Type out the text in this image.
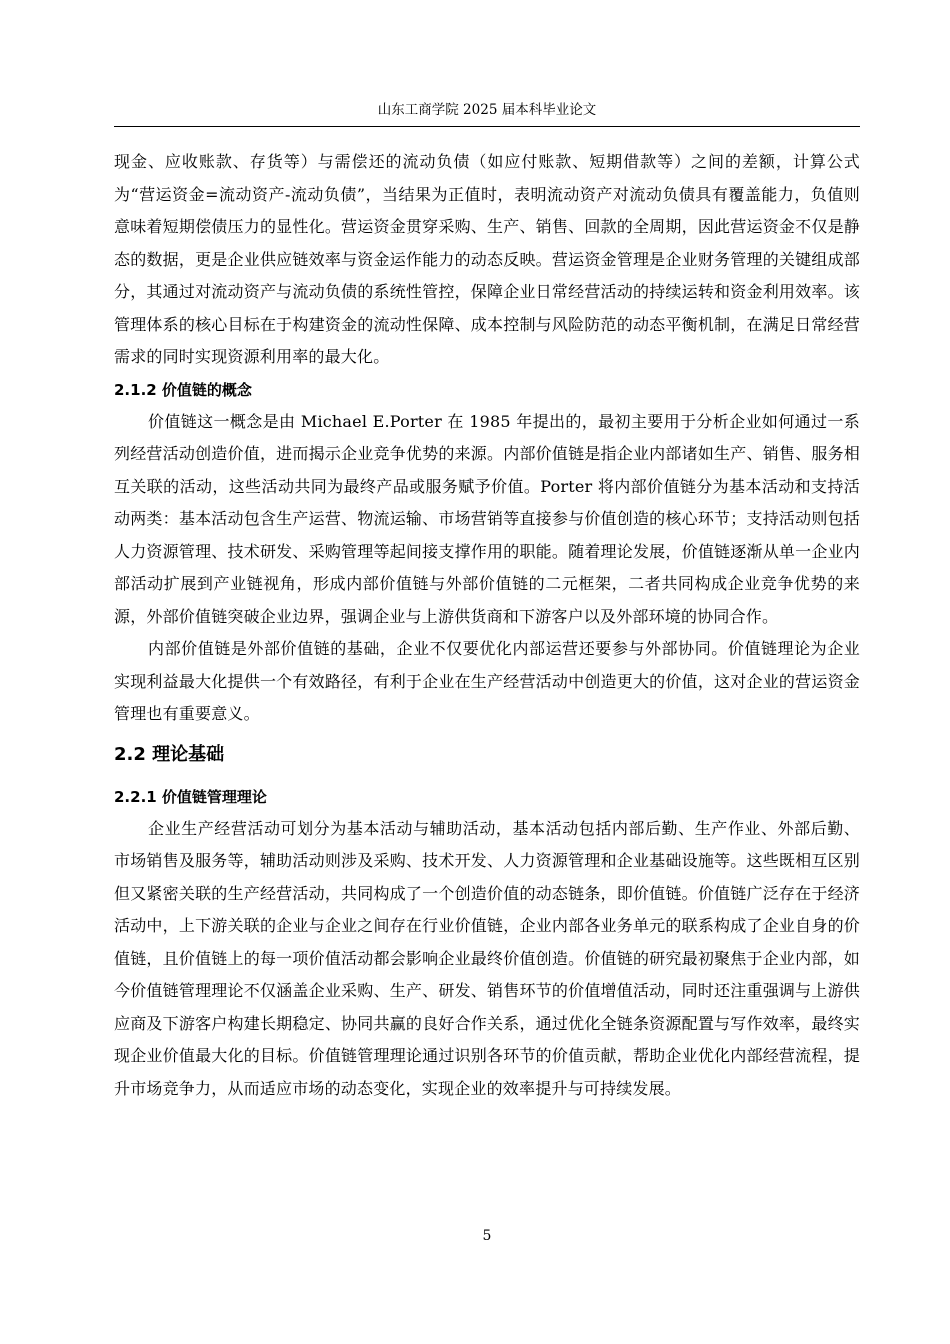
山东工商学院 2025 届本科毕业论文

现金、应收账款、存货等）与需偿还的流动负债（如应付账款、短期借款等）之间的差额，计算公式为“营运资金=流动资产-流动负债”，当结果为正值时，表明流动资产对流动负债具有覆盖能力，负值则意味着短期偿债压力的显性化。营运资金贯穿采购、生产、销售、回款的全周期，因此营运资金不仅是静态的数据，更是企业供应链效率与资金运作能力的动态反映。营运资金管理是企业财务管理的关键组成部分，其通过对流动资产与流动负债的系统性管控，保障企业日常经营活动的持续运转和资金利用效率。该管理体系的核心目标在于构建资金的流动性保障、成本控制与风险防范的动态平衡机制，在满足日常经营需求的同时实现资源利用率的最大化。

2.1.2 价值链的概念

价值链这一概念是由 Michael E.Porter 在 1985 年提出的，最初主要用于分析企业如何通过一系列经营活动创造价值，进而揭示企业竞争优势的来源。内部价值链是指企业内部诸如生产、销售、服务相互关联的活动，这些活动共同为最终产品或服务赋予价值。Porter 将内部价值链分为基本活动和支持活动两类：基本活动包含生产运营、物流运输、市场营销等直接参与价值创造的核心环节；支持活动则包括人力资源管理、技术研发、采购管理等起间接支撑作用的职能。随着理论发展，价值链逐渐从单一企业内部活动扩展到产业链视角，形成内部价值链与外部价值链的二元框架，二者共同构成企业竞争优势的来源，外部价值链突破企业边界，强调企业与上游供货商和下游客户以及外部环境的协同合作。

内部价值链是外部价值链的基础，企业不仅要优化内部运营还要参与外部协同。价值链理论为企业实现利益最大化提供一个有效路径，有利于企业在生产经营活动中创造更大的价值，这对企业的营运资金管理也有重要意义。

2.2 理论基础
2.2.1 价值链管理理论

企业生产经营活动可划分为基本活动与辅助活动，基本活动包括内部后勤、生产作业、外部后勤、市场销售及服务等，辅助活动则涉及采购、技术开发、人力资源管理和企业基础设施等。这些既相互区别但又紧密关联的生产经营活动，共同构成了一个创造价值的动态链条，即价值链。价值链广泛存在于经济活动中，上下游关联的企业与企业之间存在行业价值链，企业内部各业务单元的联系构成了企业自身的价值链，且价值链上的每一项价值活动都会影响企业最终价值创造。价值链的研究最初聚焦于企业内部，如今价值链管理理论不仅涵盖企业采购、生产、研发、销售环节的价值增值活动，同时还注重强调与上游供应商及下游客户构建长期稳定、协同共赢的良好合作关系，通过优化全链条资源配置与写作效率，最终实现企业价值最大化的目标。价值链管理理论通过识别各环节的价值贡献，帮助企业优化内部经营流程，提升市场竞争力，从而适应市场的动态变化，实现企业的效率提升与可持续发展。

5
